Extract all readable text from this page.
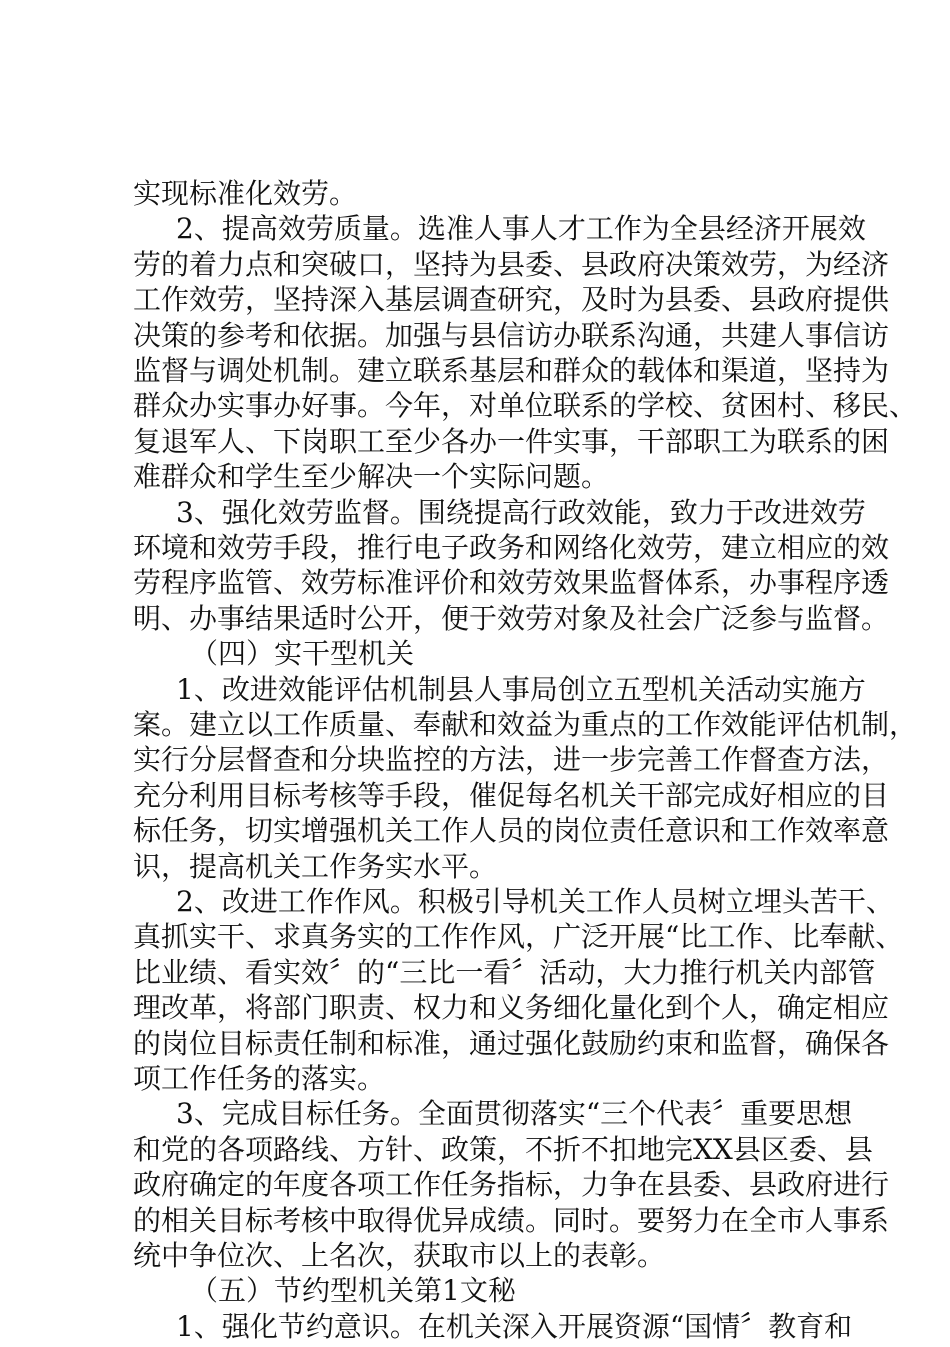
实现标准化效劳。
2、提高效劳质量。选准人事人才工作为全县经济开展效
劳的着力点和突破口，坚持为县委、县政府决策效劳，为经济
工作效劳，坚持深入基层调查研究，及时为县委、县政府提供
决策的参考和依据。加强与县信访办联系沟通，共建人事信访
监督与调处机制。建立联系基层和群众的载体和渠道，坚持为
群众办实事办好事。今年，对单位联系的学校、贫困村、移民、
复退军人、下岗职工至少各办一件实事，干部职工为联系的困
难群众和学生至少解决一个实际问题。
3、强化效劳监督。围绕提高行政效能，致力于改进效劳
环境和效劳手段，推行电子政务和网络化效劳，建立相应的效
劳程序监管、效劳标准评价和效劳效果监督体系，办事程序透
明、办事结果适时公开，便于效劳对象及社会广泛参与监督。
（四）实干型机关
1、改进效能评估机制县人事局创立五型机关活动实施方
案。建立以工作质量、奉献和效益为重点的工作效能评估机制，
实行分层督查和分块监控的方法，进一步完善工作督查方法，
充分利用目标考核等手段，催促每名机关干部完成好相应的目
标任务，切实增强机关工作人员的岗位责任意识和工作效率意
识，提高机关工作务实水平。
2、改进工作作风。积极引导机关工作人员树立埋头苦干、
真抓实干、求真务实的工作作风，广泛开展“比工作、比奉献、
比业绩、看实效〞的“三比一看〞活动，大力推行机关内部管
理改革，将部门职责、权力和义务细化量化到个人，确定相应
的岗位目标责任制和标准，通过强化鼓励约束和监督，确保各
项工作任务的落实。
3、完成目标任务。全面贯彻落实“三个代表〞重要思想
和党的各项路线、方针、政策，不折不扣地完XX县区委、县
政府确定的年度各项工作任务指标，力争在县委、县政府进行
的相关目标考核中取得优异成绩。同时。要努力在全市人事系
统中争位次、上名次，获取市以上的表彰。
（五）节约型机关第1文秘
1、强化节约意识。在机关深入开展资源“国情〞教育和
